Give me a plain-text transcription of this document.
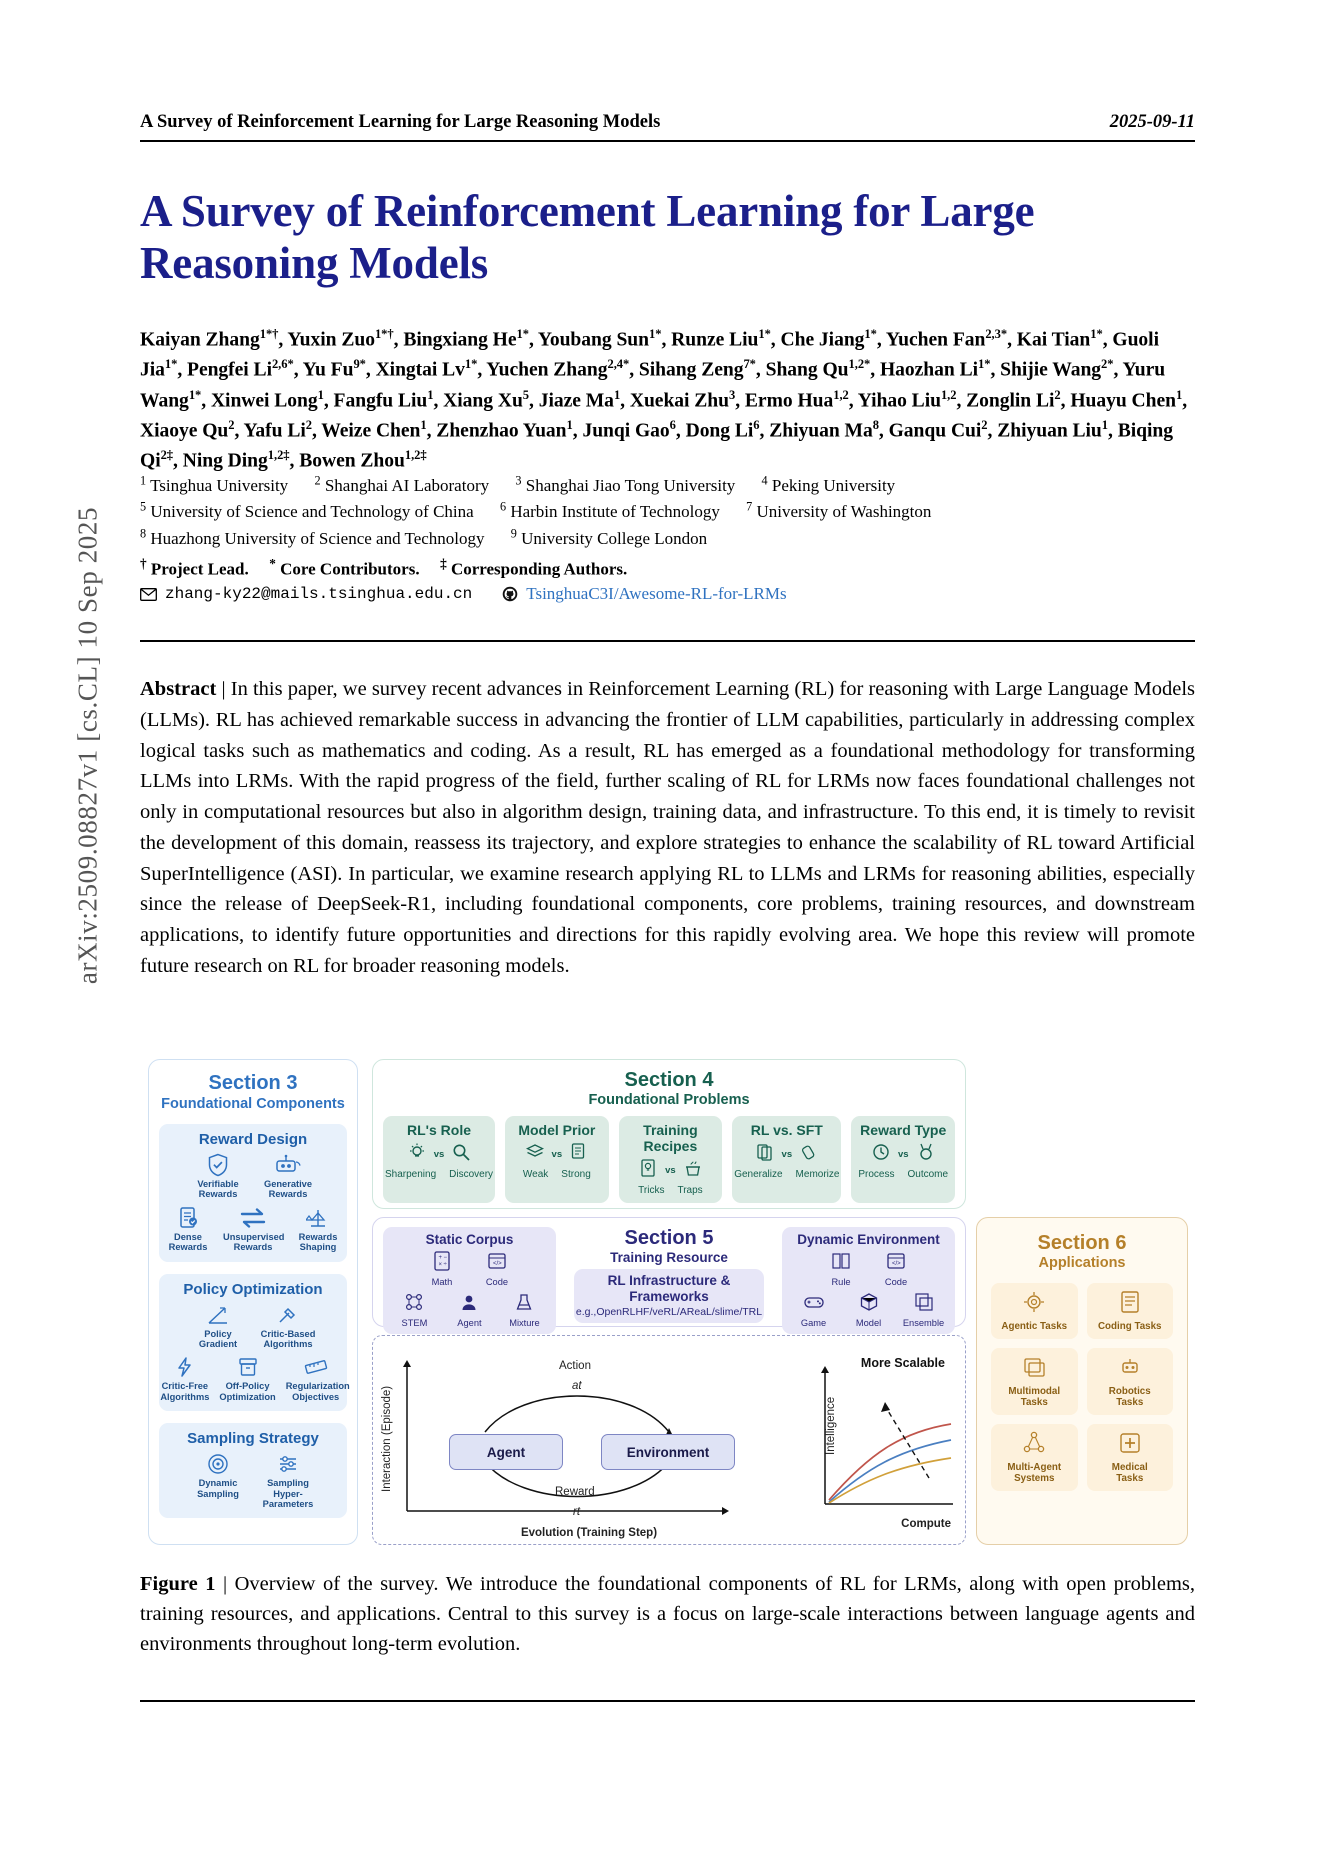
arXiv:2509.08827v1 [cs.CL] 10 Sep 2025
A Survey of Reinforcement Learning for Large Reasoning Models	2025-09-11
A Survey of Reinforcement Learning for Large Reasoning Models
Kaiyan Zhang$^{1*\dagger}$, Yuxin Zuo$^{1*\dagger}$, Bingxiang $He^{1*}$, Youbang Sun$^{1*}$, Runze Liu$^{1*}$, Che Jiang$^{1*}$, Yuchen Fan$^{2,3*}$, Kai Tian$^{1*}$, Guoli Jia$^{1*}$, Pengfei $Li^{2,6*}$, Yu $Fu^{9*}$, Xingtai $Lv^{1*}$, Yuchen Zhang$^{2,4*}$, Sihang Zeng$^{7*}$, Shang $Qu^{1,2*}$, Haozhan $Li^{1*}$, Shijie Wang$^{2*}$, Yuru Wang$^{1*}$, Xinwei Long$^1$, Fangfu Liu$^1$, Xiang Xu$^5$, Jiaze Ma$^1$, Xuekai Zhu$^3$, Ermo Hua$^{1,2}$, Yihao Liu$^{1,2}$, Zonglin Li$^2$, Huayu Chen$^1$, Xiaoye Qu$^2$, Yafu Li$^2$, Weize Chen$^1$, Zhenzhao Yuan$^1$, Junqi Gao$^6$, Dong Li$^6$, Zhiyuan Ma$^8$, Ganqu Cui$^2$, Zhiyuan Liu$^1$, Biqing $Qi^{2\ddagger}$, Ning Ding$^{1,2\ddagger}$, Bowen Zhou$^{1,2\ddagger}$
$^1$ Tsinghua University $^2$ Shanghai AI Laboratory $^3$ Shanghai Jiao Tong University $^4$ Peking University
$^5$ University of Science and Technology of China $^6$ Harbin Institute of Technology $^7$ University of Washington
$^8$ Huazhong University of Science and Technology $^9$ University College London
† Project Lead. * Core Contributors. ‡ Corresponding Authors.
zhang-ky22@mails.tsinghua.edu.cn	TsinghuaC3I/Awesome-RL-for-LRMs
Abstract | In this paper, we survey recent advances in Reinforcement Learning (RL) for reasoning with Large Language Models (LLMs). RL has achieved remarkable success in advancing the frontier of LLM capabilities, particularly in addressing complex logical tasks such as mathematics and coding. As a result, RL has emerged as a foundational methodology for transforming LLMs into LRMs. With the rapid progress of the field, further scaling of RL for LRMs now faces foundational challenges not only in computational resources but also in algorithm design, training data, and infrastructure. To this end, it is timely to revisit the development of this domain, reassess its trajectory, and explore strategies to enhance the scalability of RL toward Artificial SuperIntelligence (ASI). In particular, we examine research applying RL to LLMs and LRMs for reasoning abilities, especially since the release of DeepSeek-R1, including foundational components, core problems, training resources, and downstream applications, to identify future opportunities and directions for this rapidly evolving area. We hope this review will promote future research on RL for broader reasoning models.
Section 3
Foundational Components
Reward Design
Verifiable
Rewards
Generative
Rewards
Dense
Rewards
Unsupervised
Rewards
Rewards
Shaping
Policy Optimization
Policy
Gradient
Critic-Based
Algorithms
Critic-Free
Algorithms
Off-Policy
Optimization
Regularization
Objectives
Sampling Strategy
Dynamic
Sampling
Sampling
Hyper-Parameters
Section 4
Foundational Problems
RL's Role
vs
Sharpening Discovery
Model Prior
vs
Weak Strong
Training Recipes
vs
Tricks Traps
RL vs. SFT
vs
Generalize Memorize
Reward Type
vs
Process Outcome
Static Corpus
+ −
× ÷
Math
</>
Code
STEM	Agent	Mixture
Section 5
Training Resource
RL Infrastructure & Frameworks
e.g.,OpenRLHF/veRL/AReaL/slime/TRL
Dynamic Environment
Rule
</>
Code
Game	Model	Ensemble
Section 6
Applications
Agentic Tasks	Coding Tasks
Multimodal
Tasks
Robotics
Tasks
Multi-Agent
Systems
Medical
Tasks
Interaction (Episode)	Agent	Environment
Action
at
Reward
rt
Intelligence
More Scalable
Evolution (Training Step)
Compute
Figure 1 | Overview of the survey. We introduce the foundational components of RL for LRMs, along with open problems, training resources, and applications. Central to this survey is a focus on large-scale interactions between language agents and environments throughout long-term evolution.
